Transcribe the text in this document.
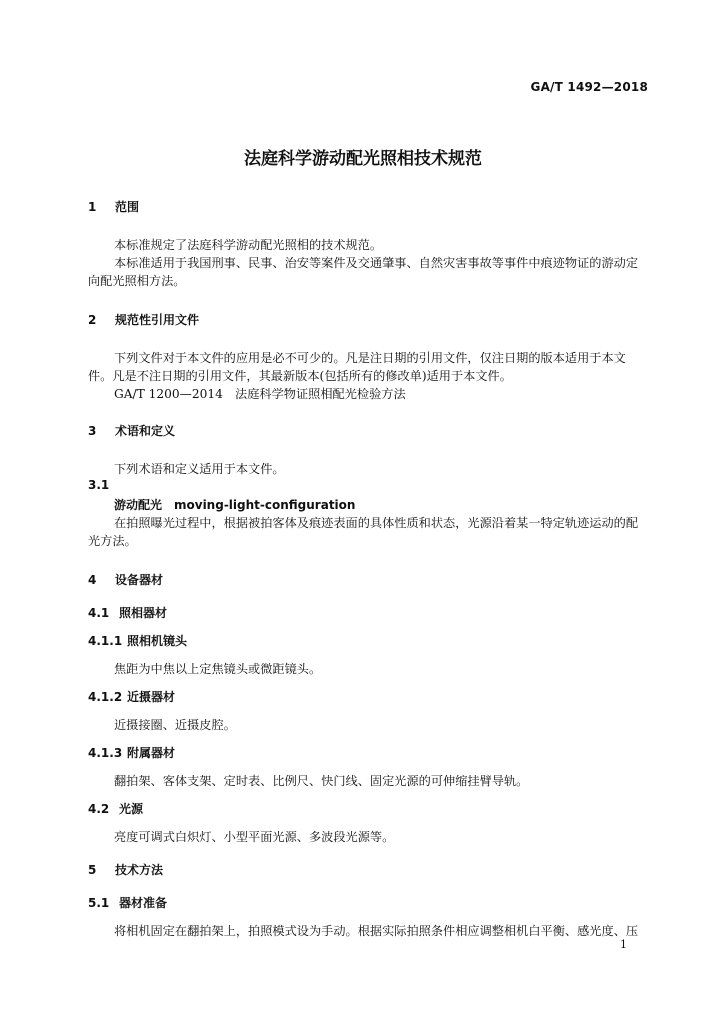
GA/T 1492—2018
法庭科学游动配光照相技术规范
1 范围
本标准规定了法庭科学游动配光照相的技术规范。
本标准适用于我国刑事、民事、治安等案件及交通肇事、自然灾害事故等事件中痕迹物证的游动定
向配光照相方法。
2 规范性引用文件
下列文件对于本文件的应用是必不可少的。凡是注日期的引用文件，仅注日期的版本适用于本文
件。凡是不注日期的引用文件，其最新版本(包括所有的修改单)适用于本文件。
GA/T 1200—2014　法庭科学物证照相配光检验方法
3 术语和定义
下列术语和定义适用于本文件。
3.1
游动配光　moving-light-configuration
在拍照曝光过程中，根据被拍客体及痕迹表面的具体性质和状态，光源沿着某一特定轨迹运动的配
光方法。
4 设备器材
4.1 照相器材
4.1.1 照相机镜头
焦距为中焦以上定焦镜头或微距镜头。
4.1.2 近摄器材
近摄接圈、近摄皮腔。
4.1.3 附属器材
翻拍架、客体支架、定时表、比例尺、快门线、固定光源的可伸缩挂臂导轨。
4.2 光源
亮度可调式白炽灯、小型平面光源、多波段光源等。
5 技术方法
5.1 器材准备
将相机固定在翻拍架上，拍照模式设为手动。根据实际拍照条件相应调整相机白平衡、感光度、压
1
